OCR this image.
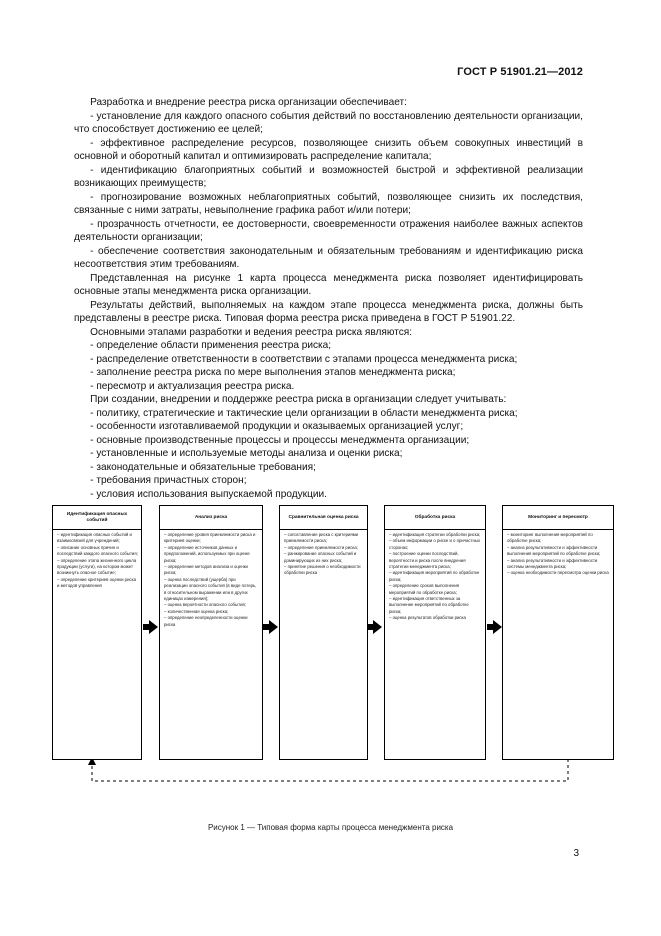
ГОСТ Р 51901.21—2012

Разработка и внедрение реестра риска организации обеспечивает:

- установление для каждого опасного события действий по восстановлению деятельности организации, что способствует достижению ее целей;

- эффективное распределение ресурсов, позволяющее снизить объем совокупных инвестиций в основной и оборотный капитал и оптимизировать распределение капитала;

- идентификацию благоприятных событий и возможностей быстрой и эффективной реализации возникающих преимуществ;

- прогнозирование возможных неблагоприятных событий, позволяющее снизить их последствия, связанные с ними затраты, невыполнение графика работ и/или потери;

- прозрачность отчетности, ее достоверности, своевременности отражения наиболее важных аспектов деятельности организации;

- обеспечение соответствия законодательным и обязательным требованиям и идентификацию риска несоответствия этим требованиям.

Представленная на рисунке 1 карта процесса менеджмента риска позволяет идентифицировать основные этапы менеджмента риска организации.

Результаты действий, выполняемых на каждом этапе процесса менеджмента риска, должны быть представлены в реестре риска. Типовая форма реестра риска приведена в ГОСТ Р 51901.22.

Основными этапами разработки и ведения реестра риска являются:

- определение области применения реестра риска;

- распределение ответственности в соответствии с этапами процесса менеджмента риска;

- заполнение реестра риска по мере выполнения этапов менеджмента риска;

- пересмотр и актуализация реестра риска.

При создании, внедрении и поддержке реестра риска в организации следует учитывать:

- политику, стратегические и тактические цели организации в области менеджмента риска;

- особенности изготавливаемой продукции и оказываемых организацией услуг;

- основные производственные процессы и процессы менеджмента организации;

- установленные и используемые методы анализа и оценки риска;

- законодательные и обязательные требования;

- требования причастных сторон;

- условия использования выпускаемой продукции.

Идентификация опасных событий
– идентификация опасных событий и взаимосвязей для учреждений;
– описание основных причин и последствий каждого опасного события;
– определение этапа жизненного цикла продукции (услуги), на котором может возникнуть опасное событие;
– определение критериев оценки риска и методов управления
Анализ риска
– определение уровня приемлемости риска и критериев оценки;
– определение источников данных и предположений, используемых при оценке риска;
– определение методов анализа и оценки риска;
– оценка последствий (ущерба) при реализации опасного события (в виде потерь, в относительном выражении или в других единицах измерения);
– оценка вероятности опасного события;
– количественная оценка риска;
– определение неопределенности оценки риска
Сравнительная оценка риска
– сопоставление риска с критериями приемлемости риска;
– определение приемлемости риска;
– ранжирование опасных событий и доминирующих из них риска;
– принятие решения о необходимости обработки риска
Обработка риска
– идентификация стратегии обработки риска;
– объем информации о риске и о причастных сторонах;
– построение оценки последствий, вероятности и риска после внедрения стратегии менеджмента риска;
– идентификация мероприятий по обработке риска;
– определение сроков выполнения мероприятий по обработке риска;
– идентификация ответственных за выполнение мероприятий по обработке риска;
– оценка результатов обработки риска
Мониторинг и пересмотр
– мониторинг выполнения мероприятий по обработке риска;
– анализ результативности и эффективности выполнения мероприятий по обработке риска;
– анализ результативности и эффективности системы менеджмента риска;
– оценка необходимости пересмотра оценки риска
Рисунок 1 — Типовая форма карты процесса менеджмента риска
3
